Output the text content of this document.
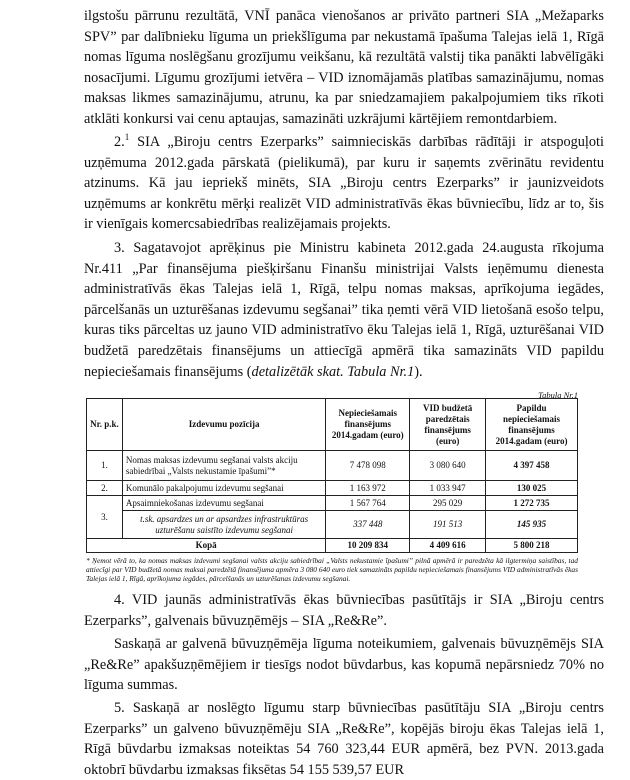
ilgstošu pārrunu rezultātā, VNĪ panāca vienošanos ar privāto partneri SIA „Mežaparks SPV” par dalībnieku līguma un priekšlīguma par nekustamā īpašuma Talejas ielā 1, Rīgā nomas līguma noslēgšanu grozījumu veikšanu, kā rezultātā valstij tika panākti labvēlīgāki nosacījumi. Līgumu grozījumi ietvēra – VID iznomājamās platības samazinājumu, nomas maksas likmes samazinājumu, atrunu, ka par sniedzamajiem pakalpojumiem tiks rīkoti atklāti konkursi vai cenu aptaujas, samazināti uzkrājumi kārtējiem remontdarbiem.

2.$^1$ SIA „Biroju centrs Ezerparks” saimnieciskās darbības rādītāji ir atspoguļoti uzņēmuma 2012.gada pārskatā (pielikumā), par kuru ir saņemts zvērinātu revidentu atzinums. Kā jau iepriekš minēts, SIA „Biroju centrs Ezerparks” ir jaunizveidots uzņēmums ar konkrētu mērķi realizēt VID administratīvās ēkas būvniecību, līdz ar to, šis ir vienīgais komercsabiedrības realizējamais projekts.

3. Sagatavojot aprēķinus pie Ministru kabineta 2012.gada 24.augusta rīkojuma Nr.411 „Par finansējuma piešķiršanu Finanšu ministrijai Valsts ieņēmumu dienesta administratīvās ēkas Talejas ielā 1, Rīgā, telpu nomas maksas, aprīkojuma iegādes, pārcelšanās un uzturēšanas izdevumu segšanai” tika ņemti vērā VID lietošanā esošo telpu, kuras tiks pārceltas uz jauno VID administratīvo ēku Talejas ielā 1, Rīgā, uzturēšanai VID budžetā paredzētais finansējums un attiecīgā apmērā tika samazināts VID papildu nepieciešamais finansējums (detalizētāk skat. Tabula Nr.1).

Tabula Nr.1
Nr. p.k.	Izdevumu pozīcija	Nepieciešamais finansējums 2014.gadam (euro)	VID budžetā paredzētais finansējums (euro)	Papildu nepieciešamais finansējums 2014.gadam (euro)
1.	Nomas maksas izdevumu segšanai valsts akciju sabiedrībai „Valsts nekustamie īpašumi”*	7 478 098	3 080 640	4 397 458
2.	Komunālo pakalpojumu izdevumu segšanai	1 163 972	1 033 947	130 025
3.	Apsaimniekošanas izdevumu segšanai	1 567 764	295 029	1 272 735
	t.sk. apsardzes un ar apsardzes infrastruktūras uzturēšanu saistīto izdevumu segšanai	337 448	191 513	145 935
Kopā		10 209 834	4 409 616	5 800 218

* Ņemot vērā to, ka nomas maksas izdevumi segšanai valsts akciju sabiedrībai „Valsts nekustamie īpašumi” pilnā apmērā ir paredzēta kā ilgtermiņa saistības, tad attiecīgi par VID budžetā nomas maksai paredzētā finansējuma apmēra 3 080 640 euro tiek samazināts papildu nepieciešamais finansējums VID administratīvās ēkas Talejas ielā 1, Rīgā, aprīkojuma iegādes, pārcelšanās un uzturēšanas izdevumu segšanai.

4. VID jaunās administratīvās ēkas būvniecības pasūtītājs ir SIA „Biroju centrs Ezerparks”, galvenais būvuzņēmējs – SIA „Re&Re”.

Saskaņā ar galvenā būvuzņēmēja līguma noteikumiem, galvenais būvuzņēmējs SIA „Re&Re” apakšuzņēmējiem ir tiesīgs nodot būvdarbus, kas kopumā nepārsniedz 70% no līguma summas.

5. Saskaņā ar noslēgto līgumu starp būvniecības pasūtītāju SIA „Biroju centrs Ezerparks” un galveno būvuzņēmēju SIA „Re&Re”, kopējās biroju ēkas Talejas ielā 1, Rīgā būvdarbu izmaksas noteiktas 54 760 323,44 EUR apmērā, bez PVN. 2013.gada oktobrī būvdarbu izmaksas fiksētas 54 155 539,57 EUR
